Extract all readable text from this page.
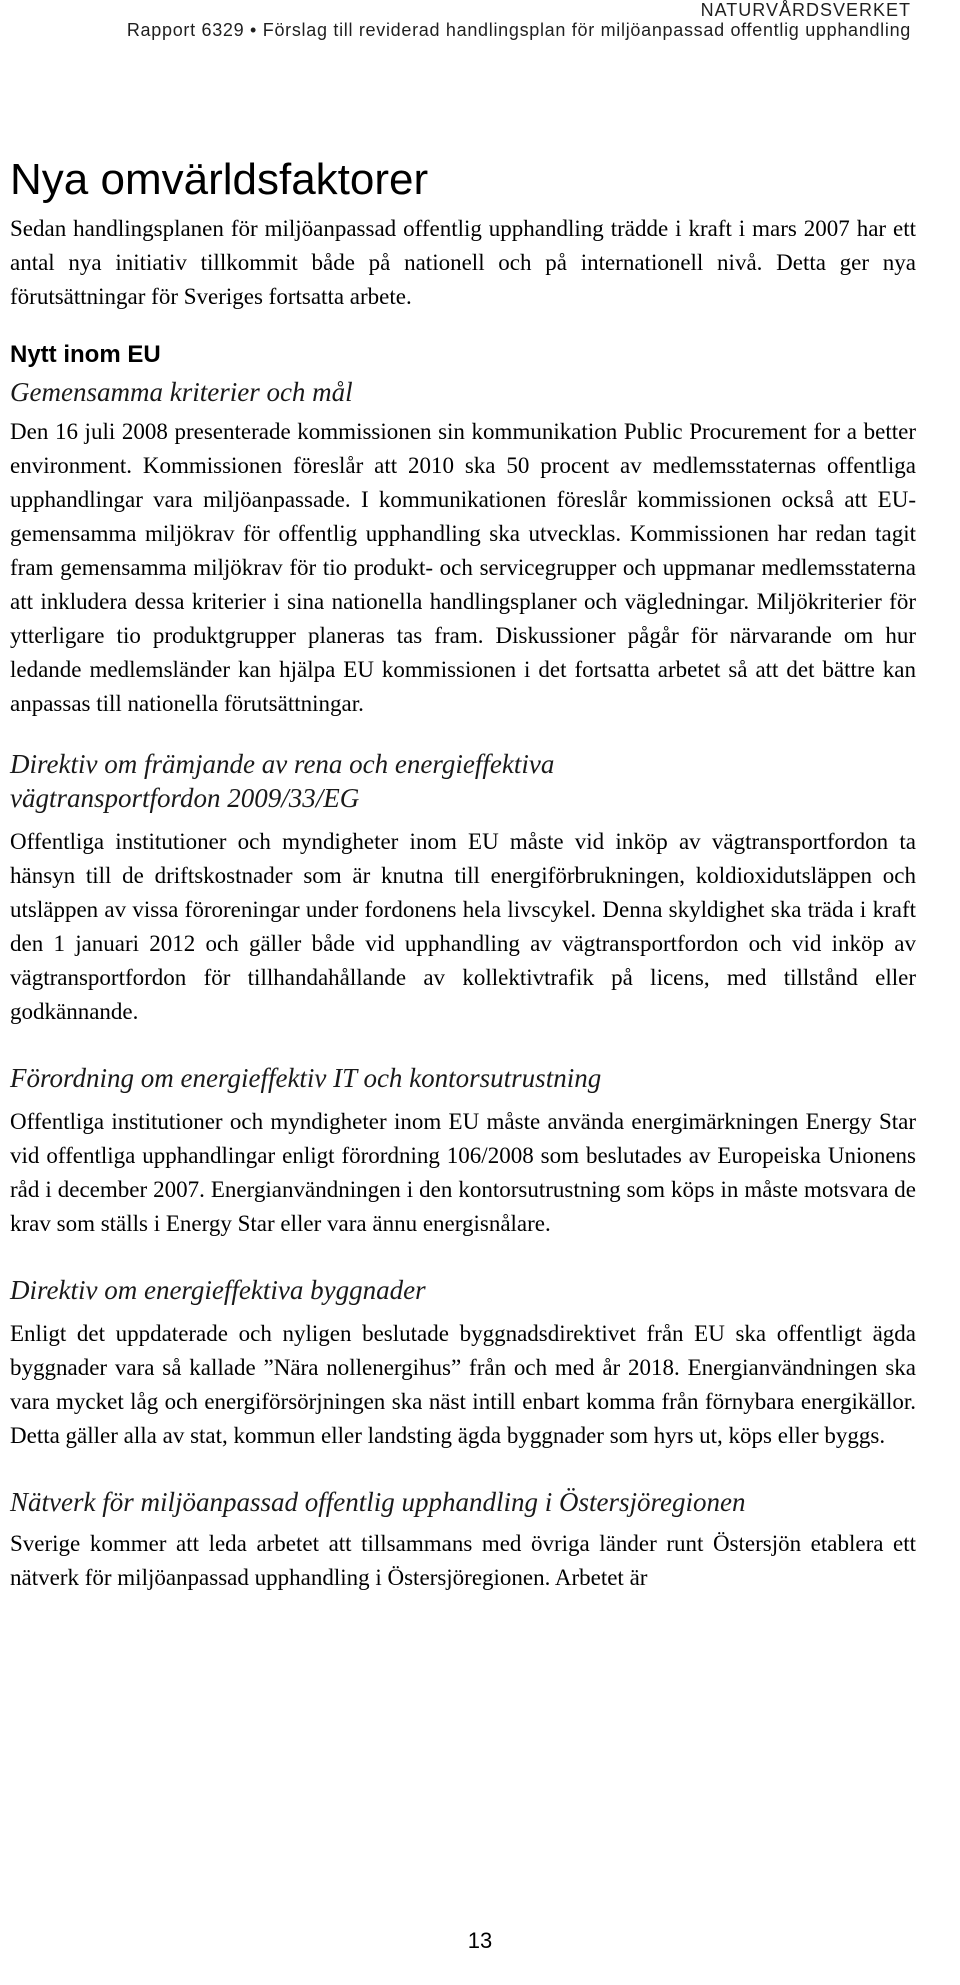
NATURVÅRDSVERKET
Rapport 6329 • Förslag till reviderad handlingsplan för miljöanpassad offentlig upphandling
Nya omvärldsfaktorer

Sedan handlingsplanen för miljöanpassad offentlig upphandling trädde i kraft i mars 2007 har ett antal nya initiativ tillkommit både på nationell och på internationell nivå. Detta ger nya förutsättningar för Sveriges fortsatta arbete.

Nytt inom EU
Gemensamma kriterier och mål

Den 16 juli 2008 presenterade kommissionen sin kommunikation Public Procurement for a better environment. Kommissionen föreslår att 2010 ska 50 procent av medlemsstaternas offentliga upphandlingar vara miljöanpassade. I kommunikationen föreslår kommissionen också att EU-gemensamma miljökrav för offentlig upphandling ska utvecklas. Kommissionen har redan tagit fram gemensamma miljökrav för tio produkt- och servicegrupper och uppmanar medlemsstaterna att inkludera dessa kriterier i sina nationella handlingsplaner och vägledningar. Miljökriterier för ytterligare tio produktgrupper planeras tas fram. Diskussioner pågår för närvarande om hur ledande medlemsländer kan hjälpa EU kommissionen i det fortsatta arbetet så att det bättre kan anpassas till nationella förutsättningar.

Direktiv om främjande av rena och energieffektiva vägtransportfordon 2009/33/EG

Offentliga institutioner och myndigheter inom EU måste vid inköp av vägtransportfordon ta hänsyn till de driftskostnader som är knutna till energiförbrukningen, koldioxidutsläppen och utsläppen av vissa föroreningar under fordonens hela livscykel. Denna skyldighet ska träda i kraft den 1 januari 2012 och gäller både vid upphandling av vägtransportfordon och vid inköp av vägtransportfordon för tillhandahållande av kollektivtrafik på licens, med tillstånd eller godkännande.

Förordning om energieffektiv IT och kontorsutrustning

Offentliga institutioner och myndigheter inom EU måste använda energimärkningen Energy Star vid offentliga upphandlingar enligt förordning 106/2008 som beslutades av Europeiska Unionens råd i december 2007. Energianvändningen i den kontorsutrustning som köps in måste motsvara de krav som ställs i Energy Star eller vara ännu energisnålare.

Direktiv om energieffektiva byggnader

Enligt det uppdaterade och nyligen beslutade byggnadsdirektivet från EU ska offentligt ägda byggnader vara så kallade ”Nära nollenergihus” från och med år 2018. Energianvändningen ska vara mycket låg och energiförsörjningen ska näst intill enbart komma från förnybara energikällor. Detta gäller alla av stat, kommun eller landsting ägda byggnader som hyrs ut, köps eller byggs.

Nätverk för miljöanpassad offentlig upphandling i Östersjöregionen

Sverige kommer att leda arbetet att tillsammans med övriga länder runt Östersjön etablera ett nätverk för miljöanpassad upphandling i Östersjöregionen. Arbetet är

13
